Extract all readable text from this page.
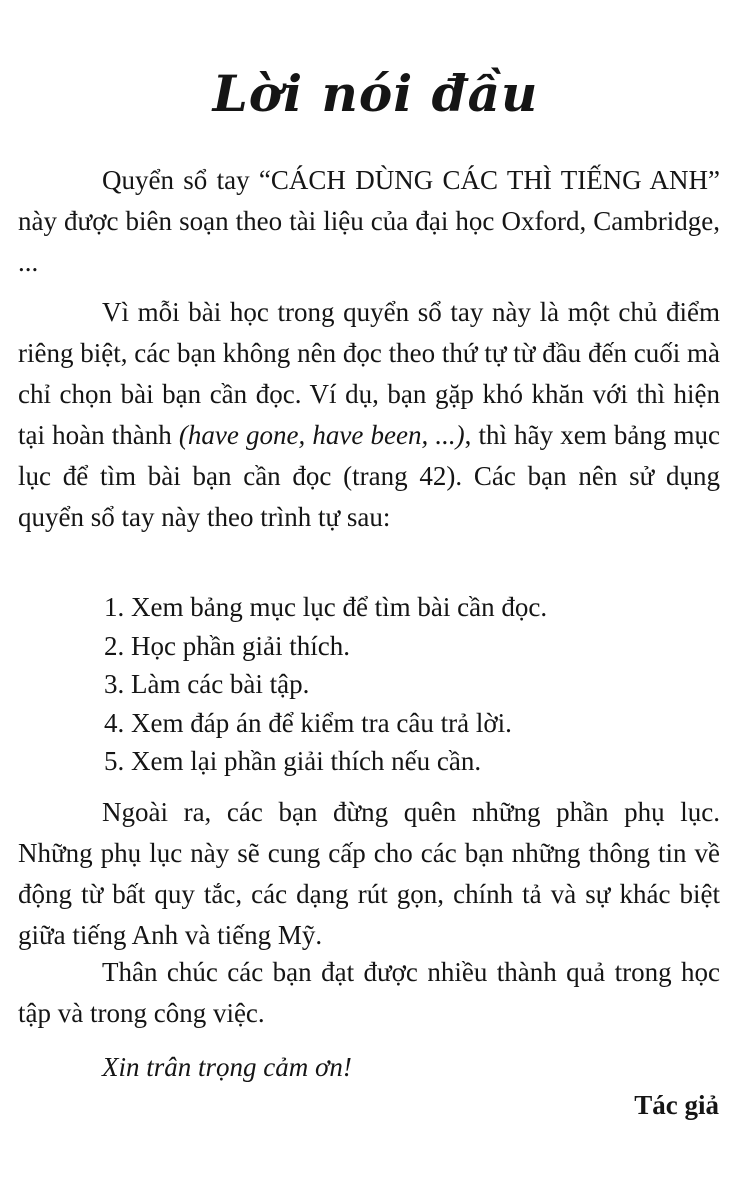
Lời nói đầu

Quyển sổ tay “CÁCH DÙNG CÁC THÌ TIẾNG ANH” này được biên soạn theo tài liệu của đại học Oxford, Cambridge, ...

Vì mỗi bài học trong quyển sổ tay này là một chủ điểm riêng biệt, các bạn không nên đọc theo thứ tự từ đầu đến cuối mà chỉ chọn bài bạn cần đọc. Ví dụ, bạn gặp khó khăn với thì hiện tại hoàn thành (have gone, have been, ...), thì hãy xem bảng mục lục để tìm bài bạn cần đọc (trang 42). Các bạn nên sử dụng quyển sổ tay này theo trình tự sau:

1. Xem bảng mục lục để tìm bài cần đọc.
2. Học phần giải thích.
3. Làm các bài tập.
4. Xem đáp án để kiểm tra câu trả lời.
5. Xem lại phần giải thích nếu cần.

Ngoài ra, các bạn đừng quên những phần phụ lục. Những phụ lục này sẽ cung cấp cho các bạn những thông tin về động từ bất quy tắc, các dạng rút gọn, chính tả và sự khác biệt giữa tiếng Anh và tiếng Mỹ.

Thân chúc các bạn đạt được nhiều thành quả trong học tập và trong công việc.

Xin trân trọng cảm ơn!
Tác giả
